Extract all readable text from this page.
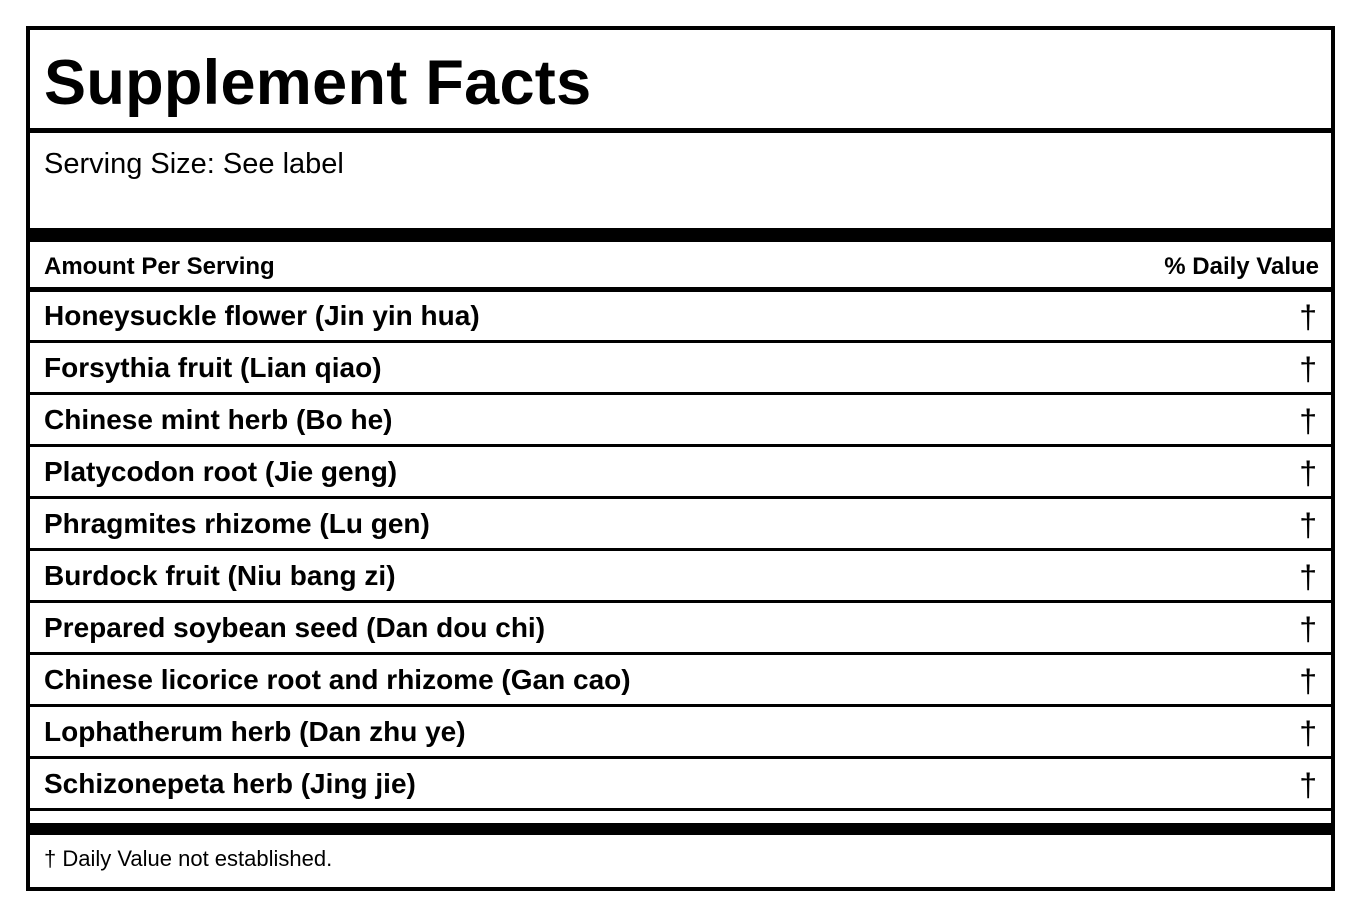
Supplement Facts
Serving Size: See label
Amount Per Serving	% Daily Value
Honeysuckle flower (Jin yin hua)	†
Forsythia fruit (Lian qiao)	†
Chinese mint herb (Bo he)	†
Platycodon root (Jie geng)	†
Phragmites rhizome (Lu gen)	†
Burdock fruit (Niu bang zi)	†
Prepared soybean seed (Dan dou chi)	†
Chinese licorice root and rhizome (Gan cao)	†
Lophatherum herb (Dan zhu ye)	†
Schizonepeta herb (Jing jie)	†
† Daily Value not established.
